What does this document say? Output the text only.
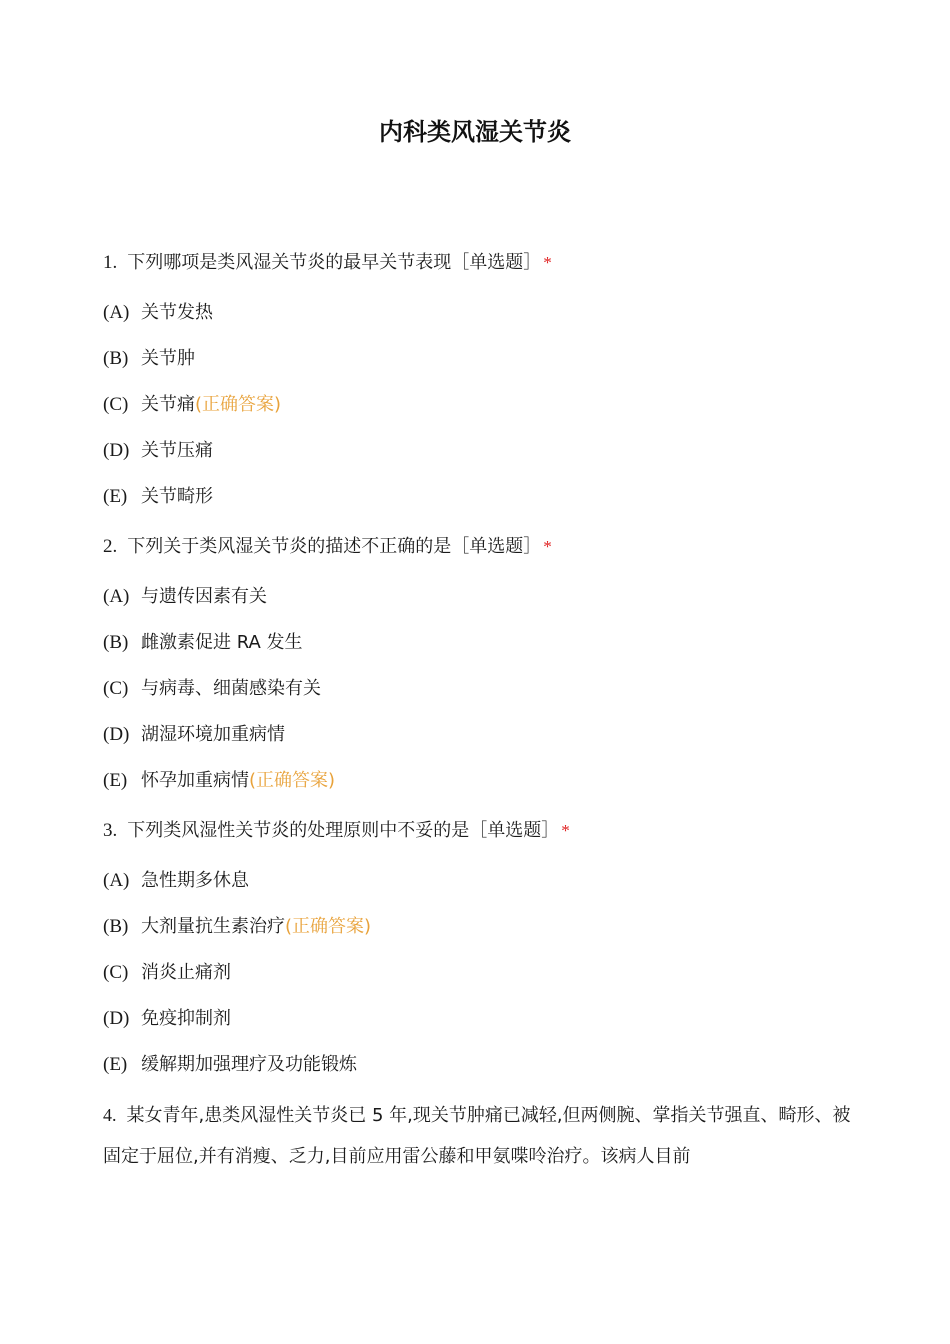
内科类风湿关节炎
1. 下列哪项是类风湿关节炎的最早关节表现［单选题］ *
(A) 关节发热
(B) 关节肿
(C) 关节痛(正确答案)
(D) 关节压痛
(E) 关节畸形
2. 下列关于类风湿关节炎的描述不正确的是［单选题］ *
(A) 与遗传因素有关
(B) 雌激素促进 RA 发生
(C) 与病毒、细菌感染有关
(D) 湖湿环境加重病情
(E) 怀孕加重病情(正确答案)
3. 下列类风湿性关节炎的处理原则中不妥的是［单选题］ *
(A) 急性期多休息
(B) 大剂量抗生素治疗(正确答案)
(C) 消炎止痛剂
(D) 免疫抑制剂
(E) 缓解期加强理疗及功能锻炼
4. 某女青年,患类风湿性关节炎已 5 年,现关节肿痛已减轻,但两侧腕、掌指关节强直、畸形、被固定于屈位,并有消瘦、乏力,目前应用雷公藤和甲氨喋呤治疗。该病人目前
